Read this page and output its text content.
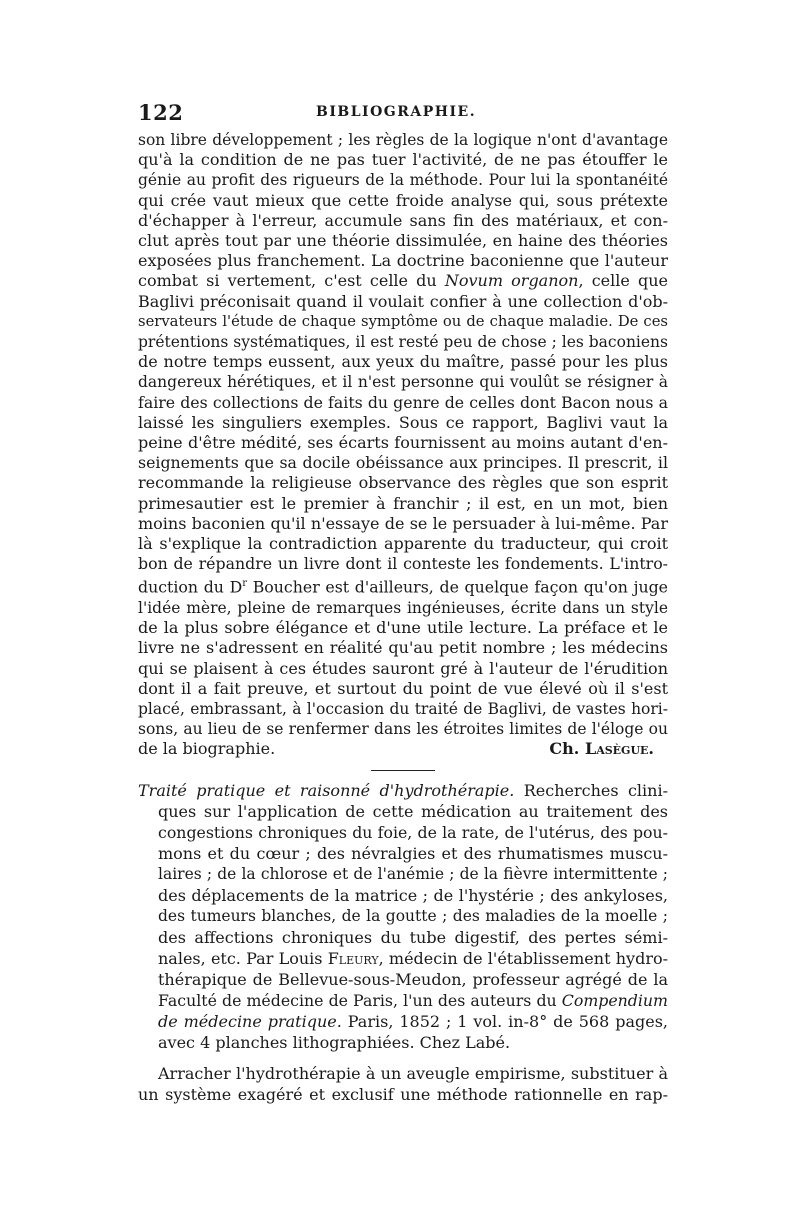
122	BIBLIOGRAPHIE.
son libre développement ; les règles de la logique n'ont d'avantage
qu'à la condition de ne pas tuer l'activité, de ne pas étouffer le
génie au profit des rigueurs de la méthode. Pour lui la spontanéité
qui crée vaut mieux que cette froide analyse qui, sous prétexte
d'échapper à l'erreur, accumule sans fin des matériaux, et con-
clut après tout par une théorie dissimulée, en haine des théories
exposées plus franchement. La doctrine baconienne que l'auteur
combat si vertement, c'est celle du Novum organon, celle que
Baglivi préconisait quand il voulait confier à une collection d'ob-
servateurs l'étude de chaque symptôme ou de chaque maladie. De ces
prétentions systématiques, il est resté peu de chose ; les baconiens
de notre temps eussent, aux yeux du maître, passé pour les plus
dangereux hérétiques, et il n'est personne qui voulût se résigner à
faire des collections de faits du genre de celles dont Bacon nous a
laissé les singuliers exemples. Sous ce rapport, Baglivi vaut la
peine d'être médité, ses écarts fournissent au moins autant d'en-
seignements que sa docile obéissance aux principes. Il prescrit, il
recommande la religieuse observance des règles que son esprit
primesautier est le premier à franchir ; il est, en un mot, bien
moins baconien qu'il n'essaye de se le persuader à lui-même. Par
là s'explique la contradiction apparente du traducteur, qui croit
bon de répandre un livre dont il conteste les fondements. L'intro-
duction du $D^r$ Boucher est d'ailleurs, de quelque façon qu'on juge
l'idée mère, pleine de remarques ingénieuses, écrite dans un style
de la plus sobre élégance et d'une utile lecture. La préface et le
livre ne s'adressent en réalité qu'au petit nombre ; les médecins
qui se plaisent à ces études sauront gré à l'auteur de l'érudition
dont il a fait preuve, et surtout du point de vue élevé où il s'est
placé, embrassant, à l'occasion du traité de Baglivi, de vastes hori-
sons, au lieu de se renfermer dans les étroites limites de l'éloge ou
de la biographie.	Ch. Lasègue.
Traité pratique et raisonné d'hydrothérapie. Recherches clini-
ques sur l'application de cette médication au traitement des
congestions chroniques du foie, de la rate, de l'utérus, des pou-
mons et du cœur ; des névralgies et des rhumatismes muscu-
laires ; de la chlorose et de l'anémie ; de la fièvre intermittente ;
des déplacements de la matrice ; de l'hystérie ; des ankyloses,
des tumeurs blanches, de la goutte ; des maladies de la moelle ;
des affections chroniques du tube digestif, des pertes sémi-
nales, etc. Par Louis Fleury, médecin de l'établissement hydro-
thérapique de Bellevue-sous-Meudon, professeur agrégé de la
Faculté de médecine de Paris, l'un des auteurs du Compendium
de médecine pratique. Paris, 1852 ; 1 vol. in-8° de 568 pages,
avec 4 planches lithographiées. Chez Labé.
Arracher l'hydrothérapie à un aveugle empirisme, substituer à
un système exagéré et exclusif une méthode rationnelle en rap-
